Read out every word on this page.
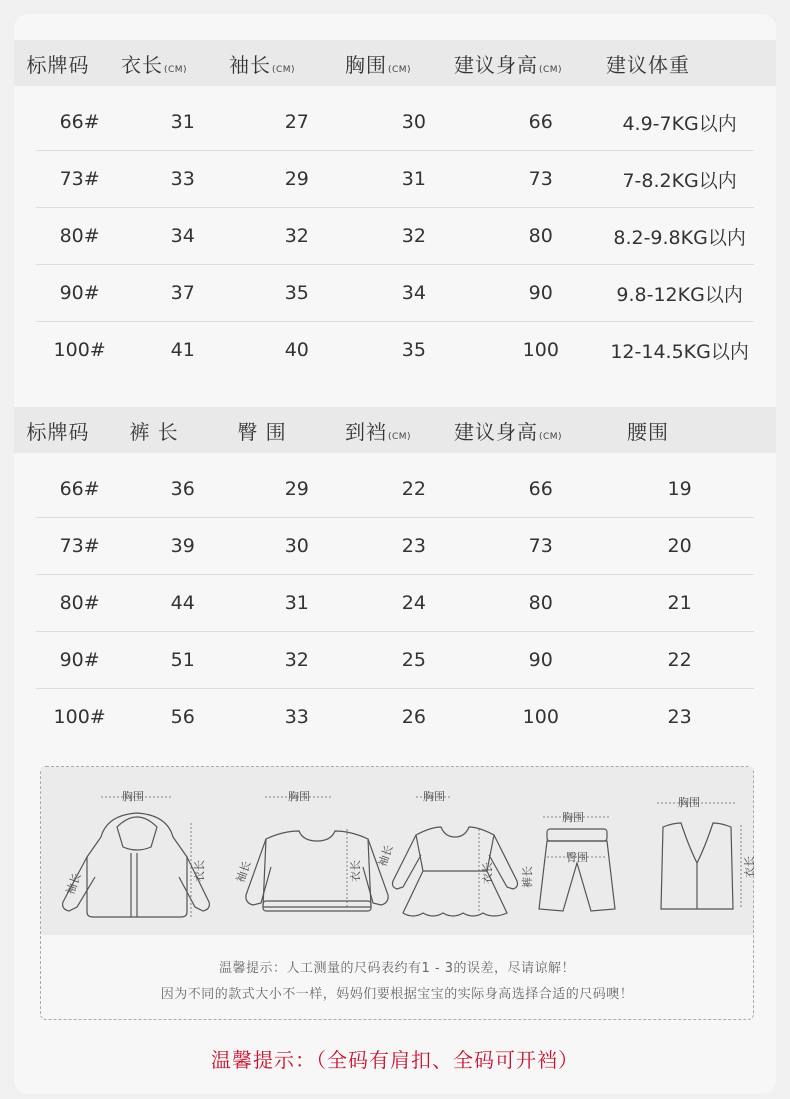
标牌码	衣长(CM)	袖长(CM)	胸围(CM)	建议身高(CM)	建议体重
66#	31	27	30	66	4.9-7KG以内
73#	33	29	31	73	7-8.2KG以内
80#	34	32	32	80	8.2-9.8KG以内
90#	37	35	34	90	9.8-12KG以内
100#	41	40	35	100	12-14.5KG以内
标牌码	裤 长	臀 围	到裆(CM)	建议身高(CM)	腰围
66#	36	29	22	66	19
73#	39	30	23	73	20
80#	44	31	24	80	21
90#	51	32	25	90	22
100#	56	33	26	100	23
胸围	胸围	胸围
胸围
臀围
胸围
袖长	袖长
袖长
裤长
衣长	衣长	衣长	衣长
温馨提示：人工测量的尺码表约有1 - 3的误差，尽请谅解！
因为不同的款式大小不一样，妈妈们要根据宝宝的实际身高选择合适的尺码噢！
温馨提示：（全码有肩扣、全码可开裆）
